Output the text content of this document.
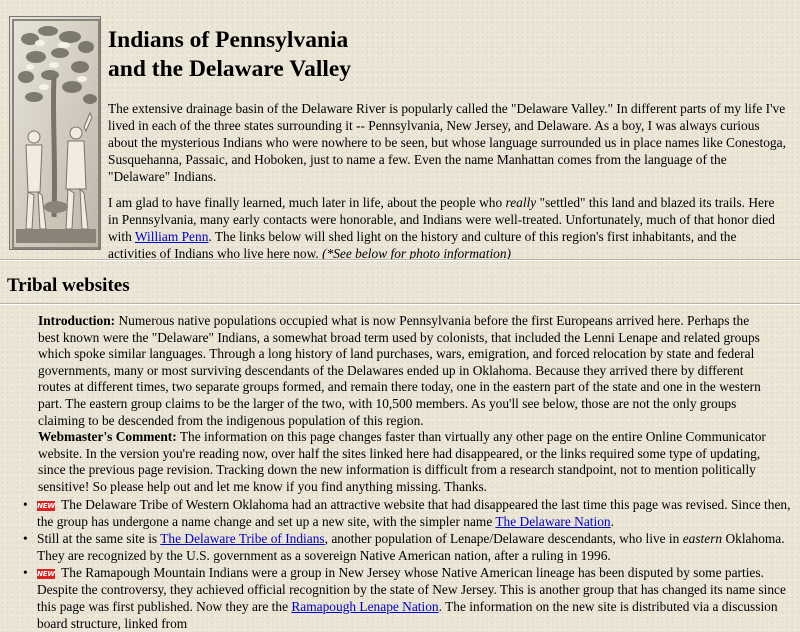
Indians of Pennsylvania
and the Delaware Valley

The extensive drainage basin of the Delaware River is popularly called the "Delaware Valley." In different parts of my life I've lived in each of the three states surrounding it -- Pennsylvania, New Jersey, and Delaware. As a boy, I was always curious about the mysterious Indians who were nowhere to be seen, but whose language surrounded us in place names like Conestoga, Susquehanna, Passaic, and Hoboken, just to name a few. Even the name Manhattan comes from the language of the "Delaware" Indians.

I am glad to have finally learned, much later in life, about the people who really "settled" this land and blazed its trails. Here in Pennsylvania, many early contacts were honorable, and Indians were well-treated. Unfortunately, much of that honor died with William Penn. The links below will shed light on the history and culture of this region's first inhabitants, and the activities of Indians who live here now. (*See below for photo information)

Tribal websites

Introduction: Numerous native populations occupied what is now Pennsylvania before the first Europeans arrived here. Perhaps the best known were the "Delaware" Indians, a somewhat broad term used by colonists, that included the Lenni Lenape and related groups which spoke similar languages. Through a long history of land purchases, wars, emigration, and forced relocation by state and federal governments, many or most surviving descendants of the Delawares ended up in Oklahoma. Because they arrived there by different routes at different times, two separate groups formed, and remain there today, one in the eastern part of the state and one in the western part. The eastern group claims to be the larger of the two, with 10,500 members. As you'll see below, those are not the only groups claiming to be descended from the indigenous population of this region.

Webmaster's Comment: The information on this page changes faster than virtually any other page on the entire Online Communicator website. In the version you're reading now, over half the sites linked here had disappeared, or the links required some type of updating, since the previous page revision. Tracking down the new information is difficult from a research standpoint, not to mention politically sensitive! So please help out and let me know if you find anything missing. Thanks.

• NEW The Delaware Tribe of Western Oklahoma had an attractive website that had disappeared the last time this page was revised. Since then, the group has undergone a name change and set up a new site, with the simpler name The Delaware Nation.
• Still at the same site is The Delaware Tribe of Indians, another population of Lenape/Delaware descendants, who live in eastern Oklahoma. They are recognized by the U.S. government as a sovereign Native American nation, after a ruling in 1996.
• NEW The Ramapough Mountain Indians were a group in New Jersey whose Native American lineage has been disputed by some parties. Despite the controversy, they achieved official recognition by the state of New Jersey. This is another group that has changed its name since this page was first published. Now they are the Ramapough Lenape Nation. The information on the new site is distributed via a discussion board structure, linked from
